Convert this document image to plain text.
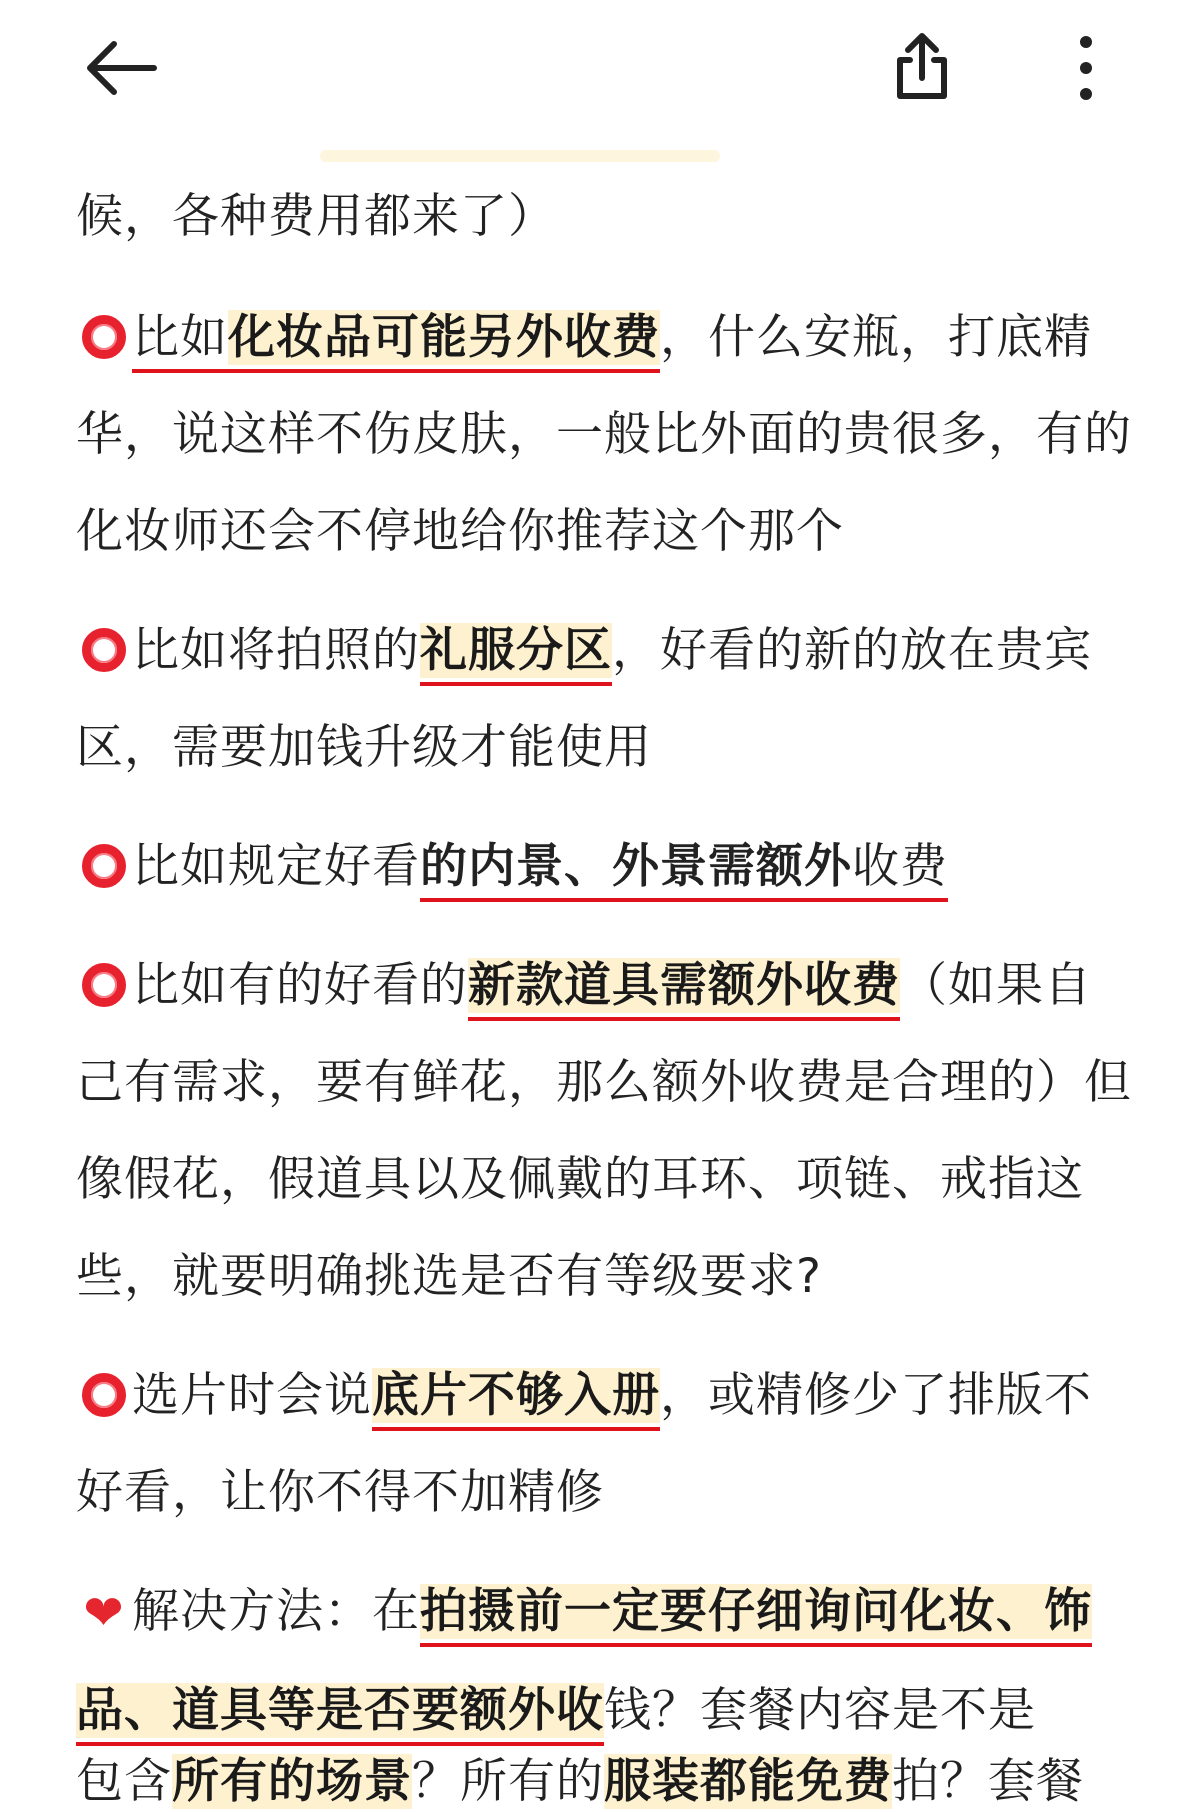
候，各种费用都来了）

比如化妆品可能另外收费，什么安瓶，打底精华，说这样不伤皮肤，一般比外面的贵很多，有的化妆师还会不停地给你推荐这个那个

比如将拍照的礼服分区，好看的新的放在贵宾区，需要加钱升级才能使用

比如规定好看的内景、外景需额外收费

比如有的好看的新款道具需额外收费（如果自己有需求，要有鲜花，那么额外收费是合理的）但像假花，假道具以及佩戴的耳环、项链、戒指这些，就要明确挑选是否有等级要求?

选片时会说底片不够入册，或精修少了排版不好看，让你不得不加精修

❤ 解决方法：在拍摄前一定要仔细询问化妆、饰品、道具等是否要额外收钱？套餐内容是不是

包含所有的场景？所有的服装都能免费拍？套餐
